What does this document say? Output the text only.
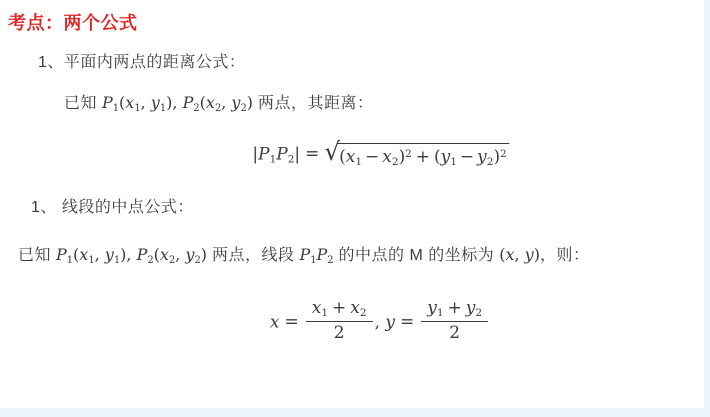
考点：两个公式
1、平面内两点的距离公式：
已知 P1(x1, y1), P2(x2, y2) 两点，其距离：
|P1P2| = √ $(x1 - x2)^2 + (y1 - y2)^2$
1、 线段的中点公式：
已知 P1(x1, y1), P2(x2, y2) 两点，线段 P1P2 的中点的 M 的坐标为 (x, y)，则：
$x = \frac{x1 + x2}{2}$ , $y = \frac{y1 + y2}{2}$
